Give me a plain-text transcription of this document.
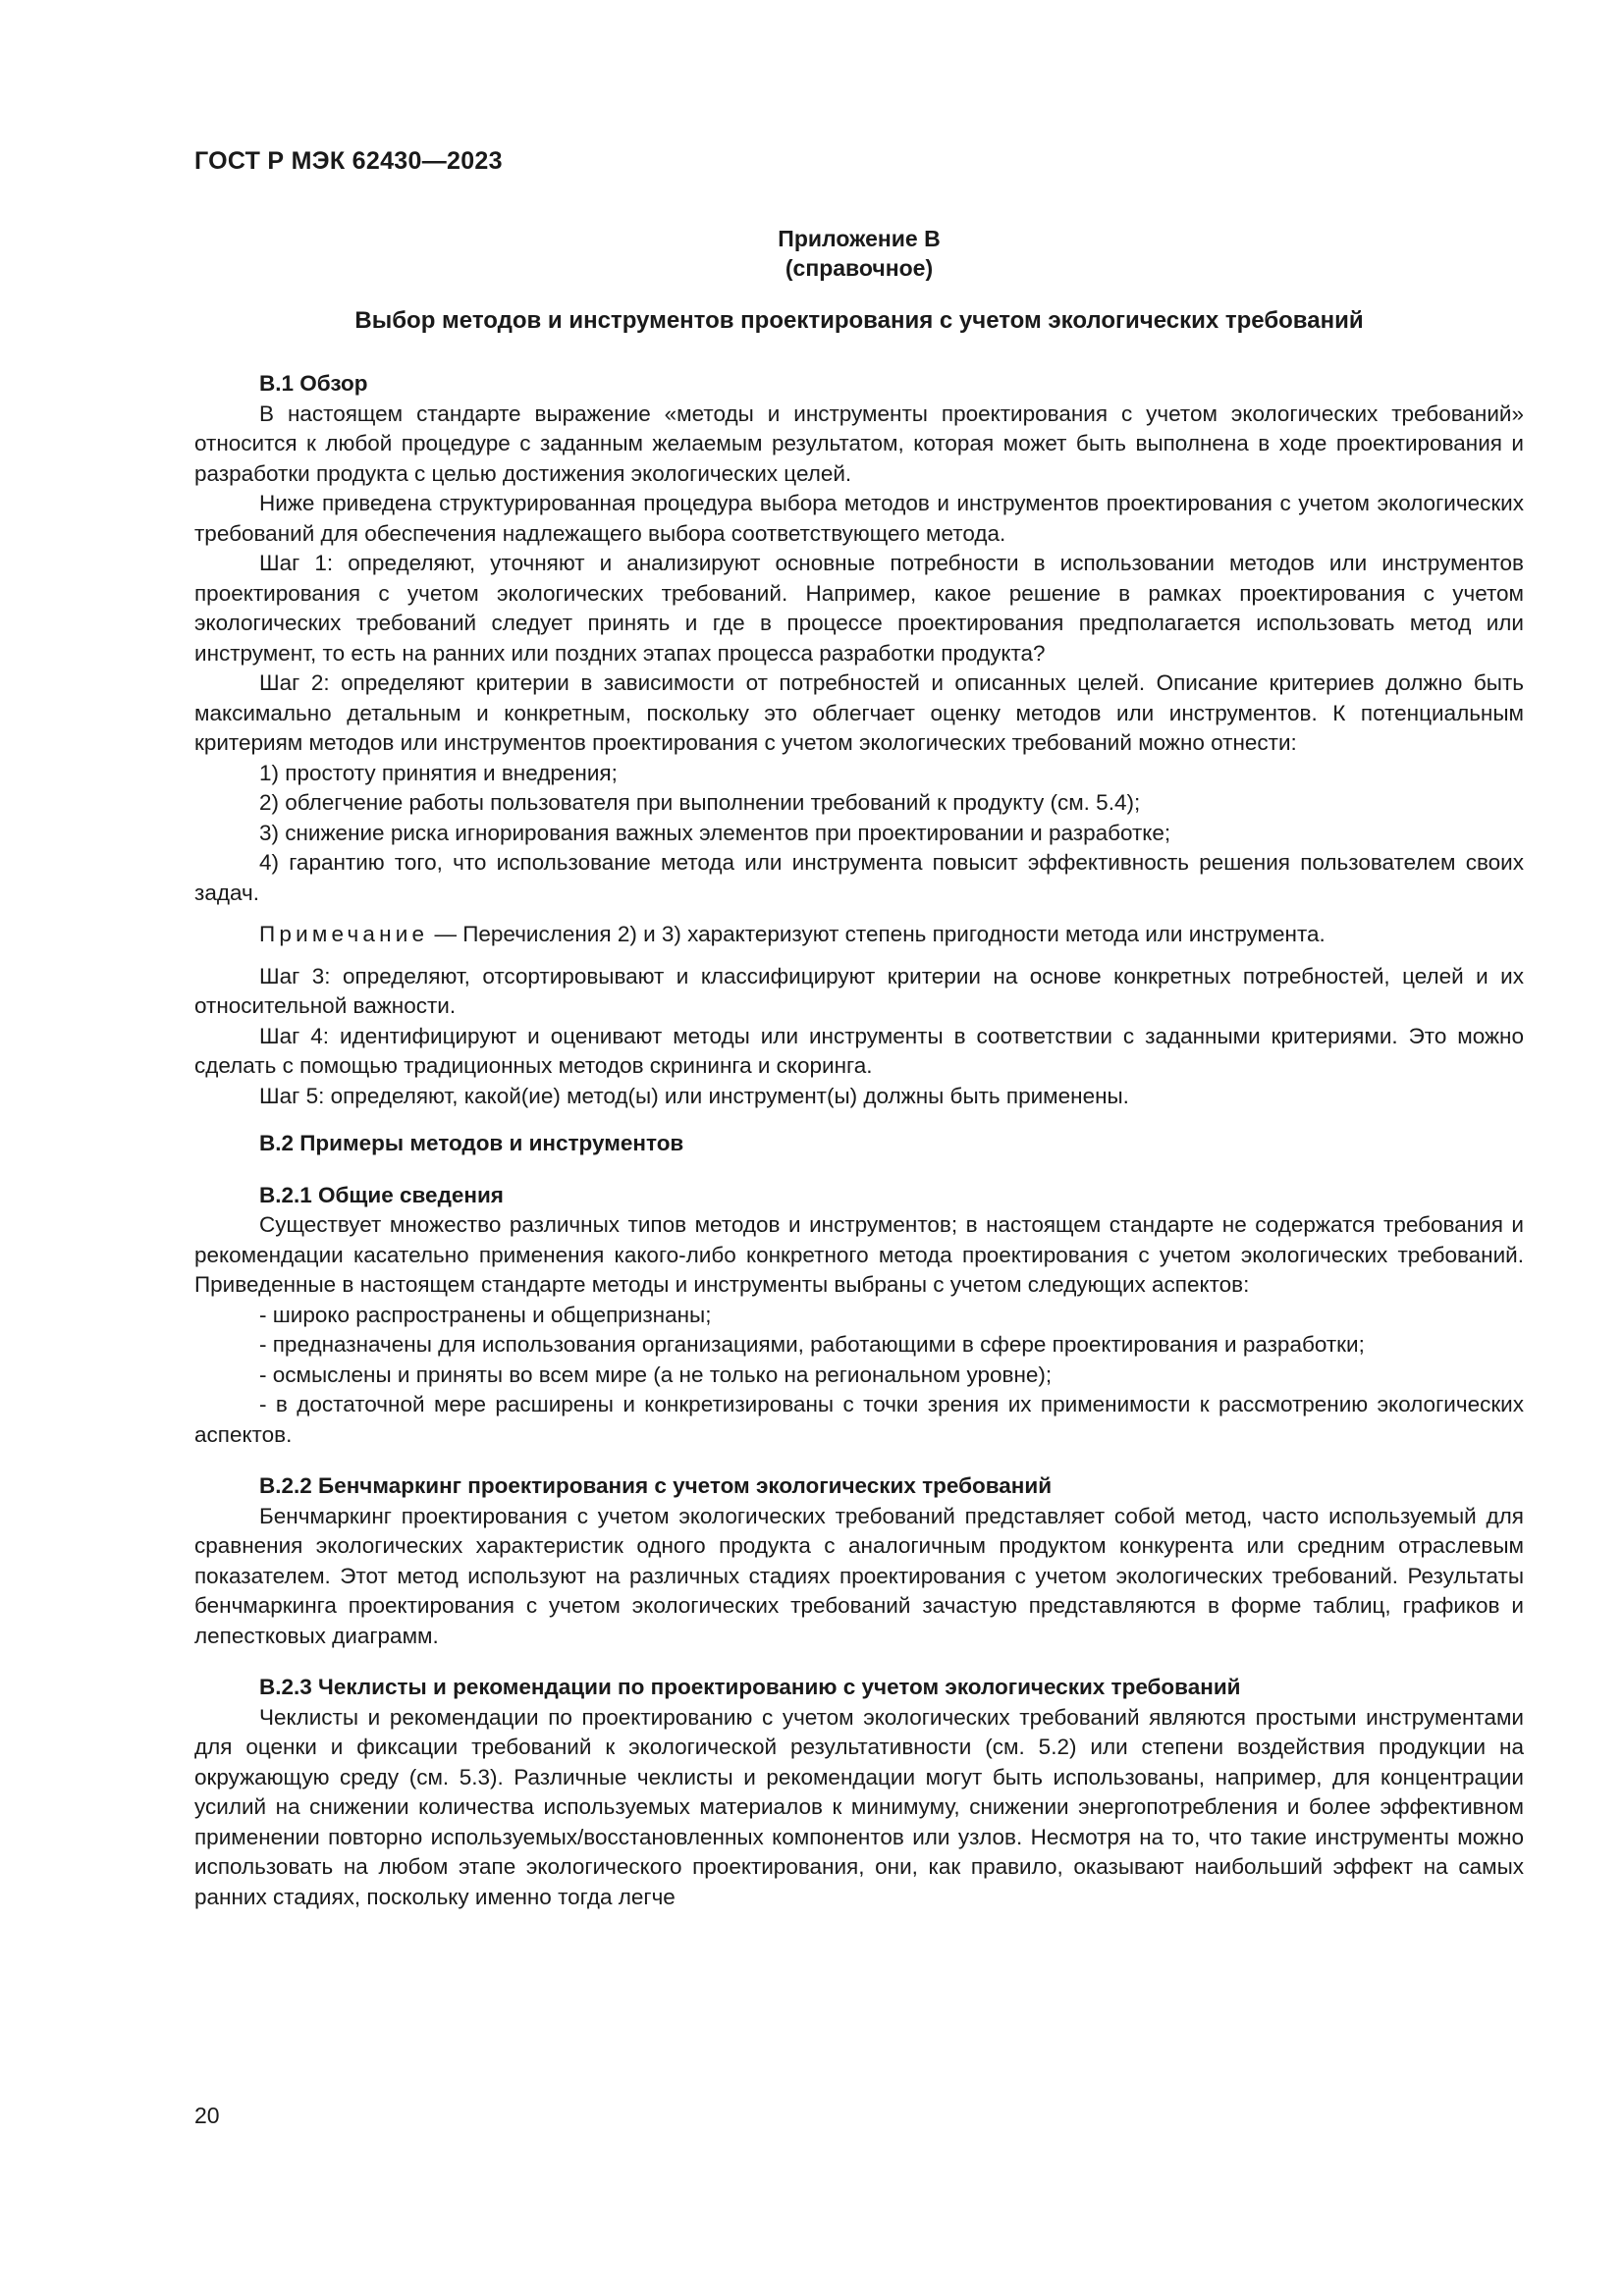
ГОСТ Р МЭК 62430—2023
Приложение В
(справочное)
Выбор методов и инструментов проектирования с учетом экологических требований
В.1 Обзор

В настоящем стандарте выражение «методы и инструменты проектирования с учетом экологических требований» относится к любой процедуре с заданным желаемым результатом, которая может быть выполнена в ходе проектирования и разработки продукта с целью достижения экологических целей.

Ниже приведена структурированная процедура выбора методов и инструментов проектирования с учетом экологических требований для обеспечения надлежащего выбора соответствующего метода.

Шаг 1: определяют, уточняют и анализируют основные потребности в использовании методов или инструментов проектирования с учетом экологических требований. Например, какое решение в рамках проектирования с учетом экологических требований следует принять и где в процессе проектирования предполагается использовать метод или инструмент, то есть на ранних или поздних этапах процесса разработки продукта?

Шаг 2: определяют критерии в зависимости от потребностей и описанных целей. Описание критериев должно быть максимально детальным и конкретным, поскольку это облегчает оценку методов или инструментов. К потенциальным критериям методов или инструментов проектирования с учетом экологических требований можно отнести:

1) простоту принятия и внедрения;
2) облегчение работы пользователя при выполнении требований к продукту (см. 5.4);
3) снижение риска игнорирования важных элементов при проектировании и разработке;
4) гарантию того, что использование метода или инструмента повысит эффективность решения пользователем своих задач.
Примечание — Перечисления 2) и 3) характеризуют степень пригодности метода или инструмента.

Шаг 3: определяют, отсортировывают и классифицируют критерии на основе конкретных потребностей, целей и их относительной важности.

Шаг 4: идентифицируют и оценивают методы или инструменты в соответствии с заданными критериями. Это можно сделать с помощью традиционных методов скрининга и скоринга.

Шаг 5: определяют, какой(ие) метод(ы) или инструмент(ы) должны быть применены.

В.2 Примеры методов и инструментов
В.2.1 Общие сведения

Существует множество различных типов методов и инструментов; в настоящем стандарте не содержатся требования и рекомендации касательно применения какого-либо конкретного метода проектирования с учетом экологических требований. Приведенные в настоящем стандарте методы и инструменты выбраны с учетом следующих аспектов:

- широко распространены и общепризнаны;
- предназначены для использования организациями, работающими в сфере проектирования и разработки;
- осмыслены и приняты во всем мире (а не только на региональном уровне);
- в достаточной мере расширены и конкретизированы с точки зрения их применимости к рассмотрению экологических аспектов.
В.2.2 Бенчмаркинг проектирования с учетом экологических требований

Бенчмаркинг проектирования с учетом экологических требований представляет собой метод, часто используемый для сравнения экологических характеристик одного продукта с аналогичным продуктом конкурента или средним отраслевым показателем. Этот метод используют на различных стадиях проектирования с учетом экологических требований. Результаты бенчмаркинга проектирования с учетом экологических требований зачастую представляются в форме таблиц, графиков и лепестковых диаграмм.

В.2.3 Чеклисты и рекомендации по проектированию с учетом экологических требований

Чеклисты и рекомендации по проектированию с учетом экологических требований являются простыми инструментами для оценки и фиксации требований к экологической результативности (см. 5.2) или степени воздействия продукции на окружающую среду (см. 5.3). Различные чеклисты и рекомендации могут быть использованы, например, для концентрации усилий на снижении количества используемых материалов к минимуму, снижении энергопотребления и более эффективном применении повторно используемых/восстановленных компонентов или узлов. Несмотря на то, что такие инструменты можно использовать на любом этапе экологического проектирования, они, как правило, оказывают наибольший эффект на самых ранних стадиях, поскольку именно тогда легче

20
